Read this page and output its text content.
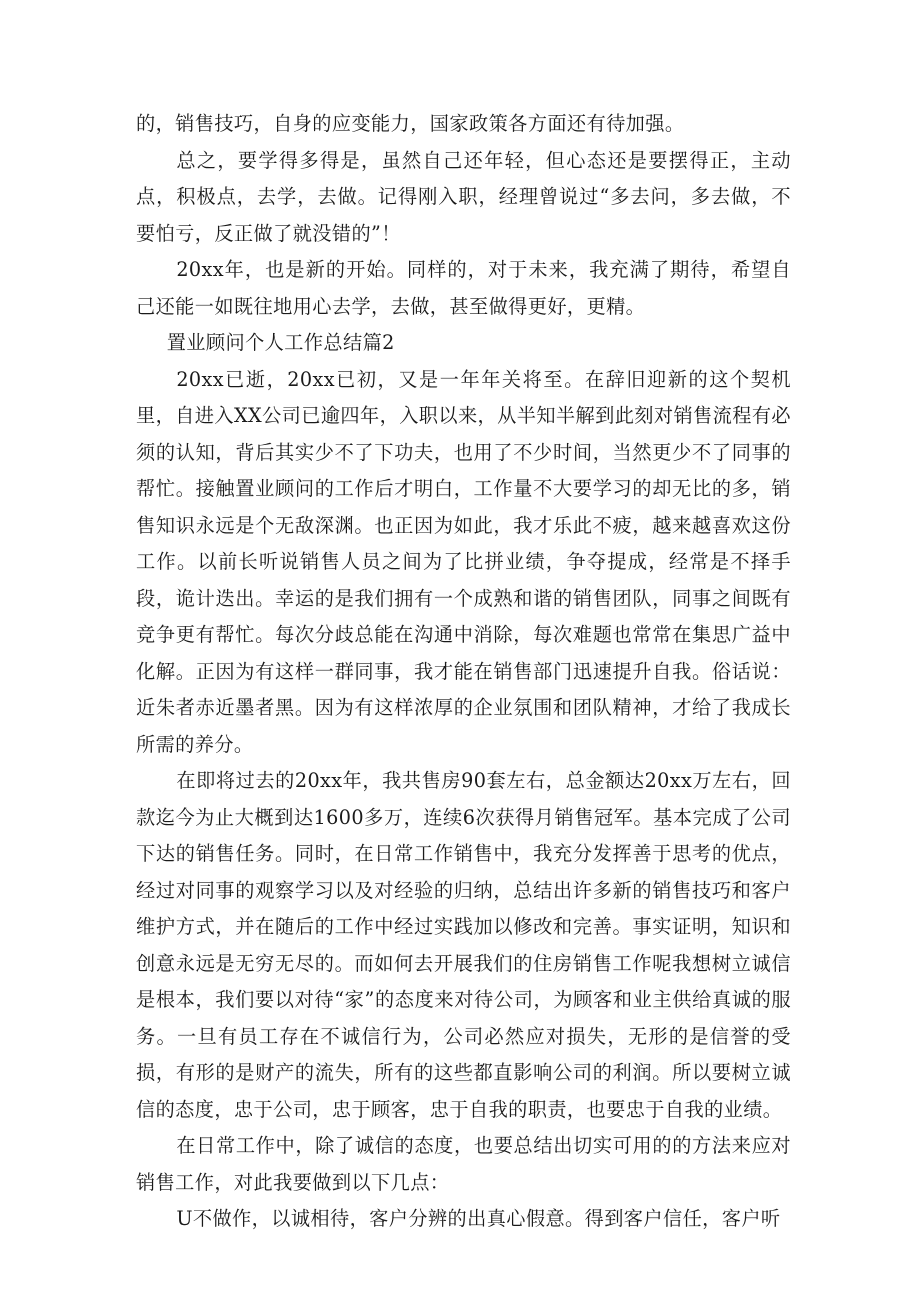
的，销售技巧，自身的应变能力，国家政策各方面还有待加强。

总之，要学得多得是，虽然自己还年轻，但心态还是要摆得正，主动点，积极点，去学，去做。记得刚入职，经理曾说过“多去问，多去做，不要怕亏，反正做了就没错的”！

20xx年，也是新的开始。同样的，对于未来，我充满了期待，希望自己还能一如既往地用心去学，去做，甚至做得更好，更精。

置业顾问个人工作总结篇2

20xx已逝，20xx已初，又是一年年关将至。在辞旧迎新的这个契机里，自进入XX公司已逾四年，入职以来，从半知半解到此刻对销售流程有必须的认知，背后其实少不了下功夫，也用了不少时间，当然更少不了同事的帮忙。接触置业顾问的工作后才明白，工作量不大要学习的却无比的多，销售知识永远是个无敌深渊。也正因为如此，我才乐此不疲，越来越喜欢这份工作。以前长听说销售人员之间为了比拼业绩，争夺提成，经常是不择手段，诡计迭出。幸运的是我们拥有一个成熟和谐的销售团队，同事之间既有竞争更有帮忙。每次分歧总能在沟通中消除，每次难题也常常在集思广益中化解。正因为有这样一群同事，我才能在销售部门迅速提升自我。俗话说：近朱者赤近墨者黑。因为有这样浓厚的企业氛围和团队精神，才给了我成长所需的养分。

在即将过去的20xx年，我共售房90套左右，总金额达20xx万左右，回款迄今为止大概到达1600多万，连续6次获得月销售冠军。基本完成了公司下达的销售任务。同时，在日常工作销售中，我充分发挥善于思考的优点，经过对同事的观察学习以及对经验的归纳，总结出许多新的销售技巧和客户维护方式，并在随后的工作中经过实践加以修改和完善。事实证明，知识和创意永远是无穷无尽的。而如何去开展我们的住房销售工作呢我想树立诚信是根本，我们要以对待“家”的态度来对待公司，为顾客和业主供给真诚的服务。一旦有员工存在不诚信行为，公司必然应对损失，无形的是信誉的受损，有形的是财产的流失，所有的这些都直影响公司的利润。所以要树立诚信的态度，忠于公司，忠于顾客，忠于自我的职责，也要忠于自我的业绩。

在日常工作中，除了诚信的态度，也要总结出切实可用的的方法来应对销售工作，对此我要做到以下几点：

U不做作，以诚相待，客户分辨的出真心假意。得到客户信任，客户听
